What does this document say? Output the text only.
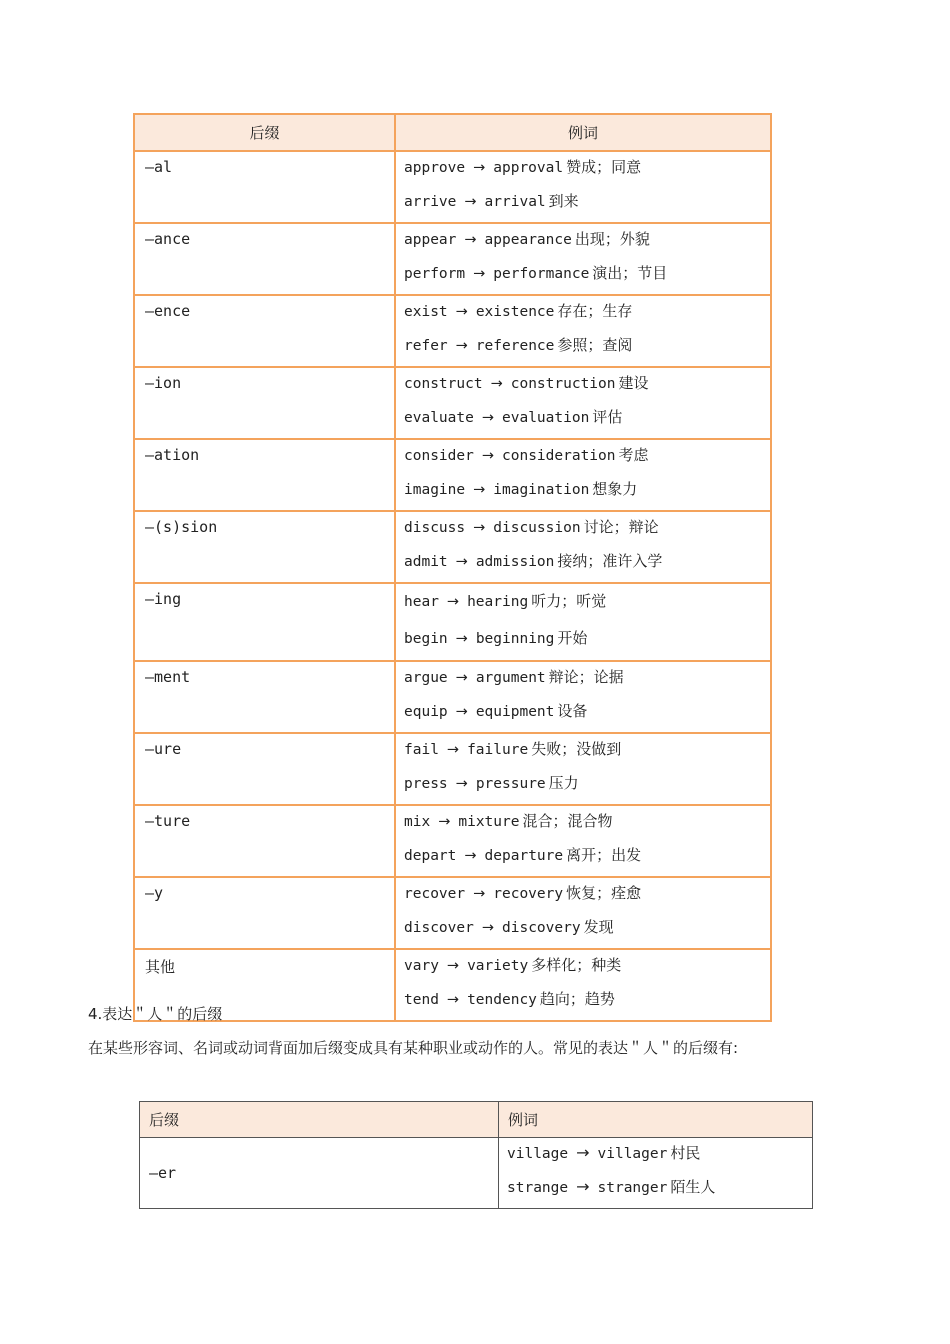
后缀	例词
—al	approve → approval 赞成；同意
arrive → arrival 到来

—ance	appear → appearance 出现；外貌
perform → performance 演出；节目

—ence	exist → existence 存在；生存
refer → reference 参照；查阅

—ion	construct → construction 建设
evaluate → evaluation 评估

—ation	consider → consideration 考虑
imagine → imagination 想象力

—(s)sion	discuss → discussion 讨论；辩论
admit → admission 接纳；准许入学

—ing	hear → hearing 听力；听觉
begin → beginning 开始

—ment	argue → argument 辩论；论据
equip → equipment 设备

—ure	fail → failure 失败；没做到
press → pressure 压力

—ture	mix → mixture 混合；混合物
depart → departure 离开；出发

—y	recover → recovery 恢复；痊愈
discover → discovery 发现

其他	vary → variety 多样化；种类
tend → tendency 趋向；趋势
4.表达＂人＂的后缀
在某些形容词、名词或动词背面加后缀变成具有某种职业或动作的人。常见的表达＂人＂的后缀有:
后缀	例词
—er	village → villager 村民
strange → stranger 陌生人
